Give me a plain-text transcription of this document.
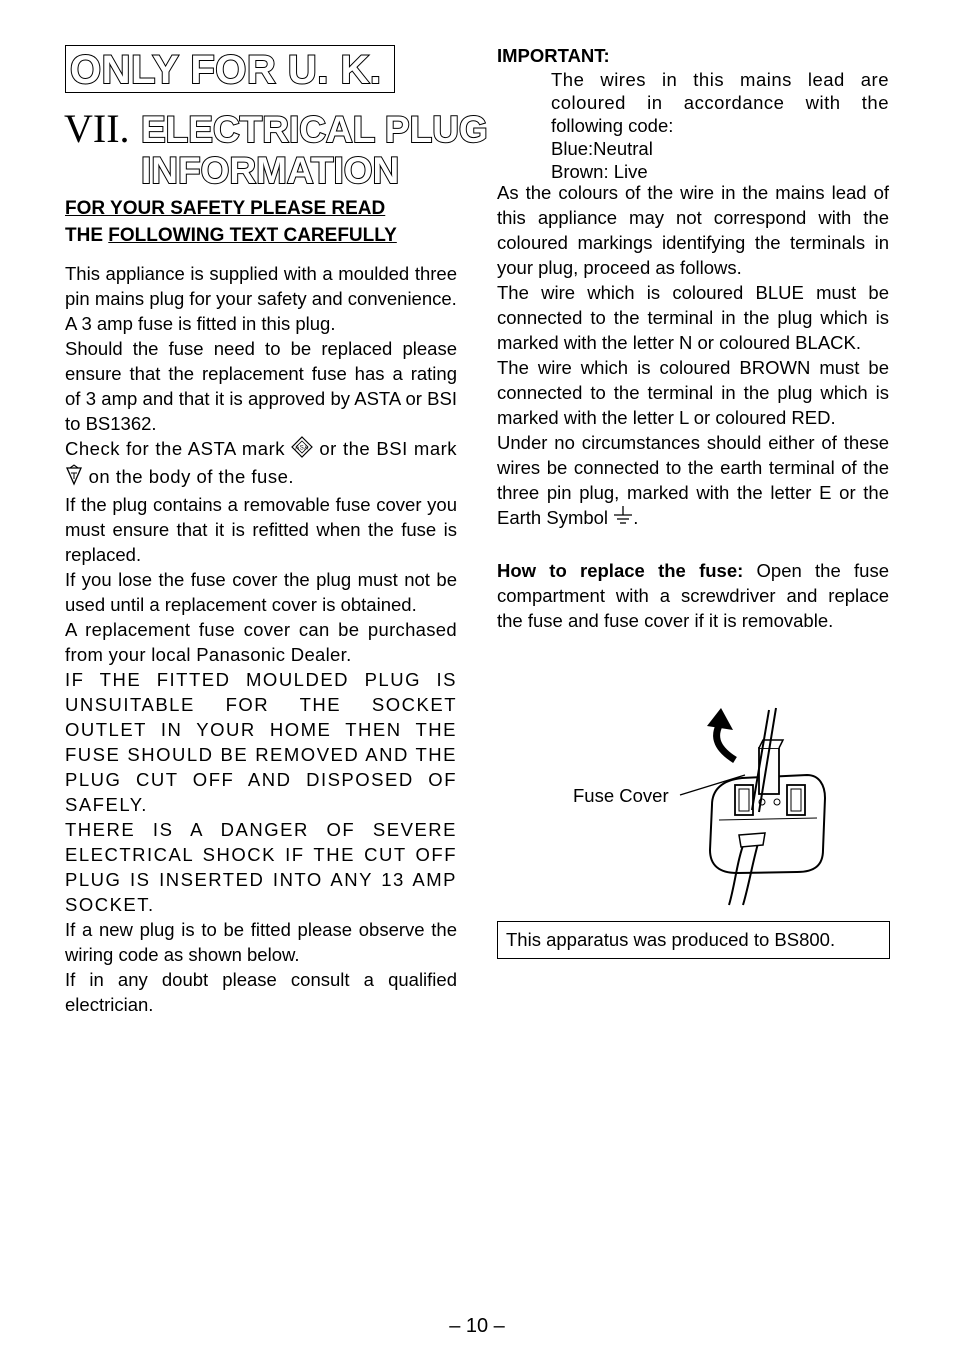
ONLY FOR U. K.
VII. ELECTRICAL PLUG
INFORMATION
FOR YOUR SAFETY PLEASE READ
THE FOLLOWING TEXT CAREFULLY

This appliance is supplied with a moulded three pin mains plug for your safety and convenience.

A 3 amp fuse is fitted in this plug.

Should the fuse need to be replaced please ensure that the replacement fuse has a rating of 3 amp and that it is approved by ASTA or BSI to BS1362.

Check for the ASTA mark ASA or the BSI mark  on the body of the fuse.

If the plug contains a removable fuse cover you must ensure that it is refitted when the fuse is replaced.

If you lose the fuse cover the plug must not be used until a replacement cover is obtained.

A replacement fuse cover can be purchased from your local Panasonic Dealer.

IF THE FITTED MOULDED PLUG IS UNSUITABLE FOR THE SOCKET OUTLET IN YOUR HOME THEN THE FUSE SHOULD BE REMOVED AND THE PLUG CUT OFF AND DISPOSED OF SAFELY.

THERE IS A DANGER OF SEVERE ELECTRICAL SHOCK IF THE CUT OFF PLUG IS INSERTED INTO ANY 13 AMP SOCKET.

If a new plug is to be fitted please observe the wiring code as shown below.

If in any doubt please consult a qualified electrician.

IMPORTANT:

The wires in this mains lead are

coloured in accordance with the

following code:

Blue:Neutral

Brown: Live

As the colours of the wire in the mains lead of this appliance may not correspond with the coloured markings identifying the terminals in your plug, proceed as follows.

The wire which is coloured BLUE must be connected to the terminal in the plug which is marked with the letter N or coloured BLACK.

The wire which is coloured BROWN must be connected to the terminal in the plug which is marked with the letter L or coloured RED.

Under no circumstances should either of these wires be connected to the earth terminal of the three pin plug, marked with the letter E or the Earth Symbol .

How to replace the fuse: Open the fuse compartment with a screwdriver and replace the fuse and fuse cover if it is removable.

Fuse Cover
This apparatus was produced to BS800.
– 10 –
